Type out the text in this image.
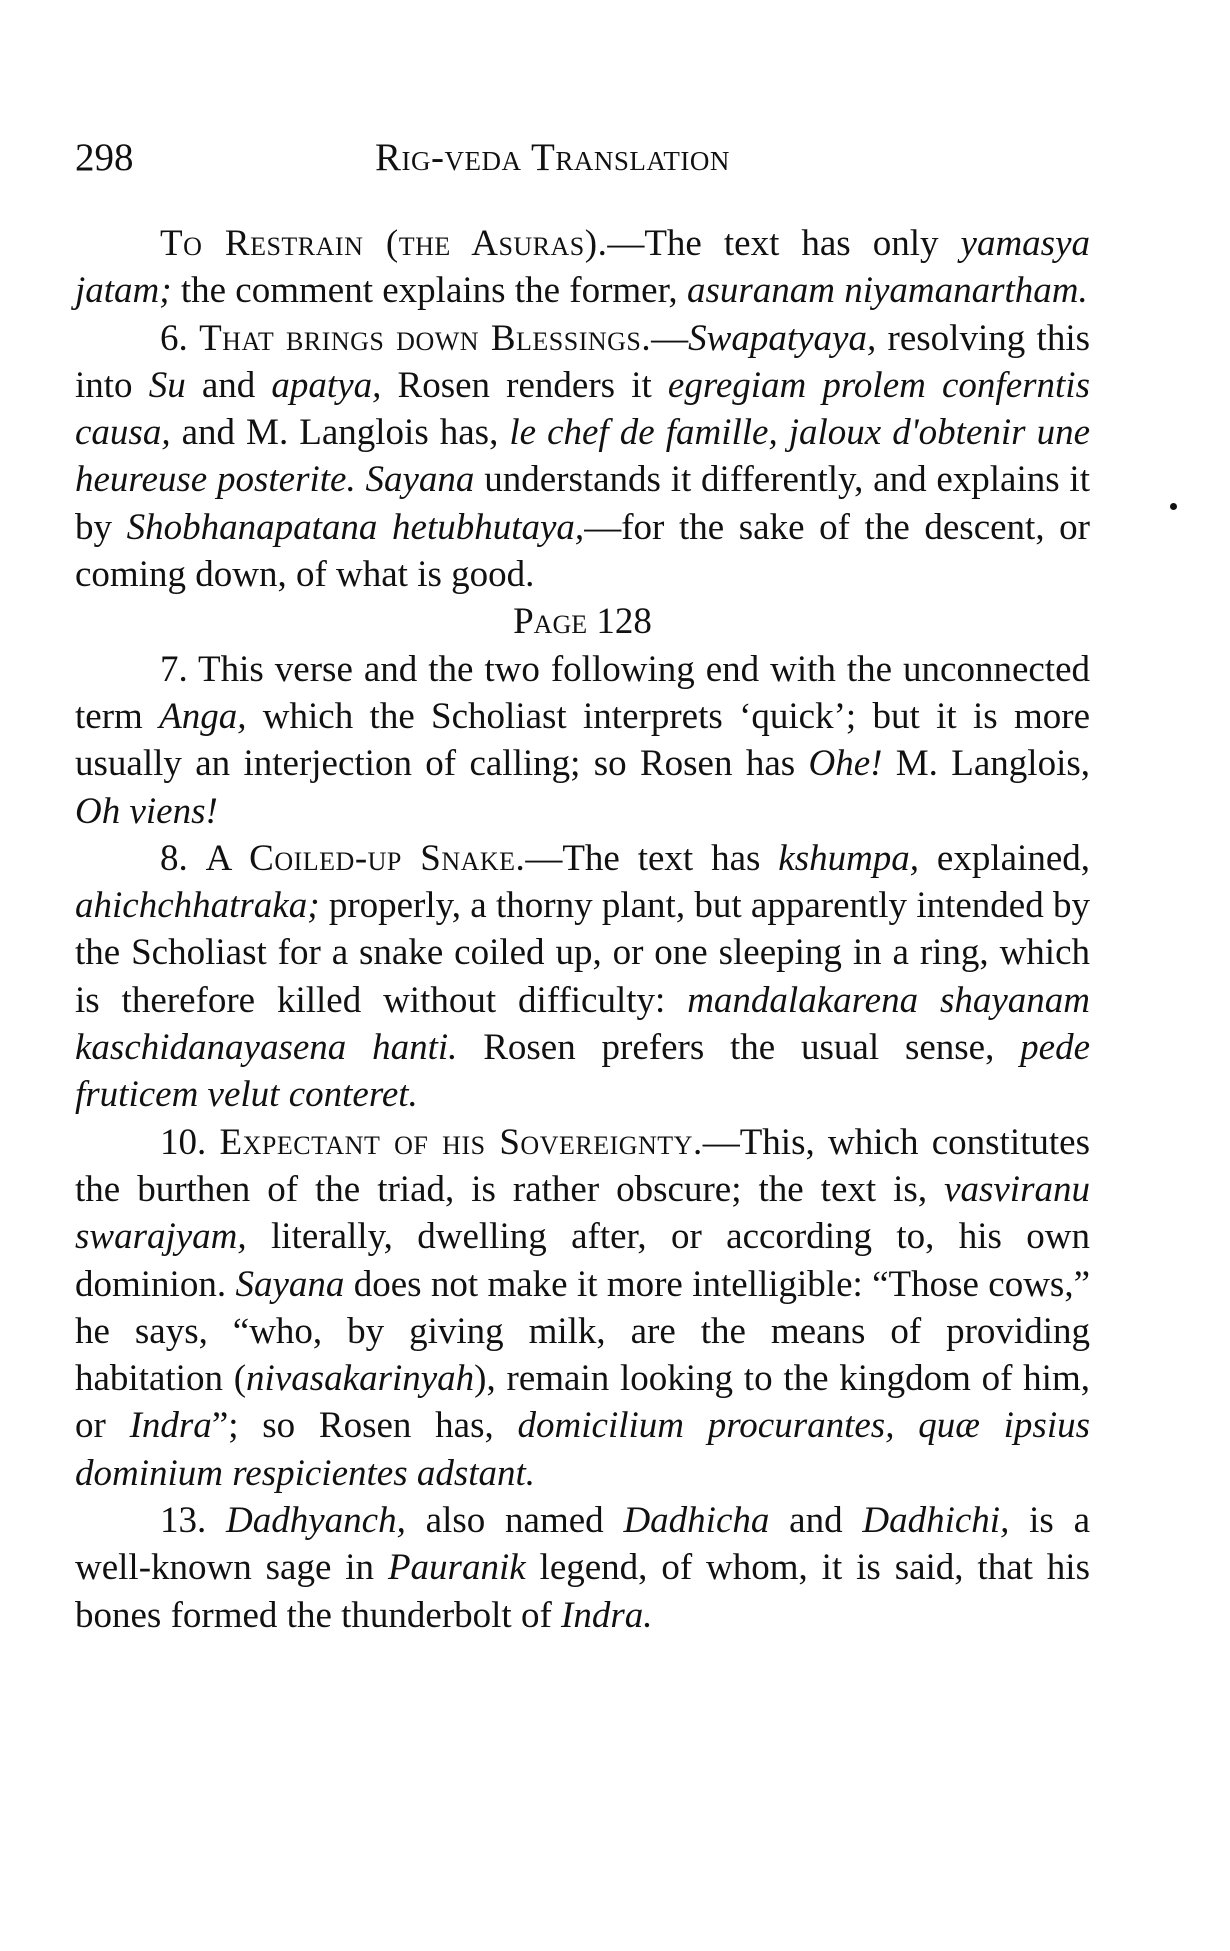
298	Rig-veda Translation

To Restrain (the Asuras).—The text has only yamasya jatam; the comment explains the former, asuranam niyamanartham.

6. That brings down Blessings.—Swapatyaya, resolving this into Su and apatya, Rosen renders it egregiam prolem conferntis causa, and M. Langlois has, le chef de famille, jaloux d'obtenir une heureuse posterite. Sayana understands it differently, and explains it by Shobhanapatana hetubhutaya,—for the sake of the descent, or coming down, of what is good.

Page 128

7. This verse and the two following end with the unconnected term Anga, which the Scholiast interprets ‘quick’; but it is more usually an interjection of calling; so Rosen has Ohe! M. Langlois, Oh viens!

8. A Coiled-up Snake.—The text has kshumpa, explained, ahichchhatraka; properly, a thorny plant, but apparently intended by the Scholiast for a snake coiled up, or one sleeping in a ring, which is therefore killed without difficulty: mandalakarena shayanam kaschidanayasena hanti. Rosen prefers the usual sense, pede fruticem velut conteret.

10. Expectant of his Sovereignty.—This, which constitutes the burthen of the triad, is rather obscure; the text is, vasviranu swarajyam, literally, dwelling after, or according to, his own dominion. Sayana does not make it more intelligible: “Those cows,” he says, “who, by giving milk, are the means of providing habitation (nivasakarinyah), remain looking to the kingdom of him, or Indra”; so Rosen has, domicilium procurantes, quæ ipsius dominium respicientes adstant.

13. Dadhyanch, also named Dadhicha and Dadhichi, is a well-known sage in Pauranik legend, of whom, it is said, that his bones formed the thunderbolt of Indra.
